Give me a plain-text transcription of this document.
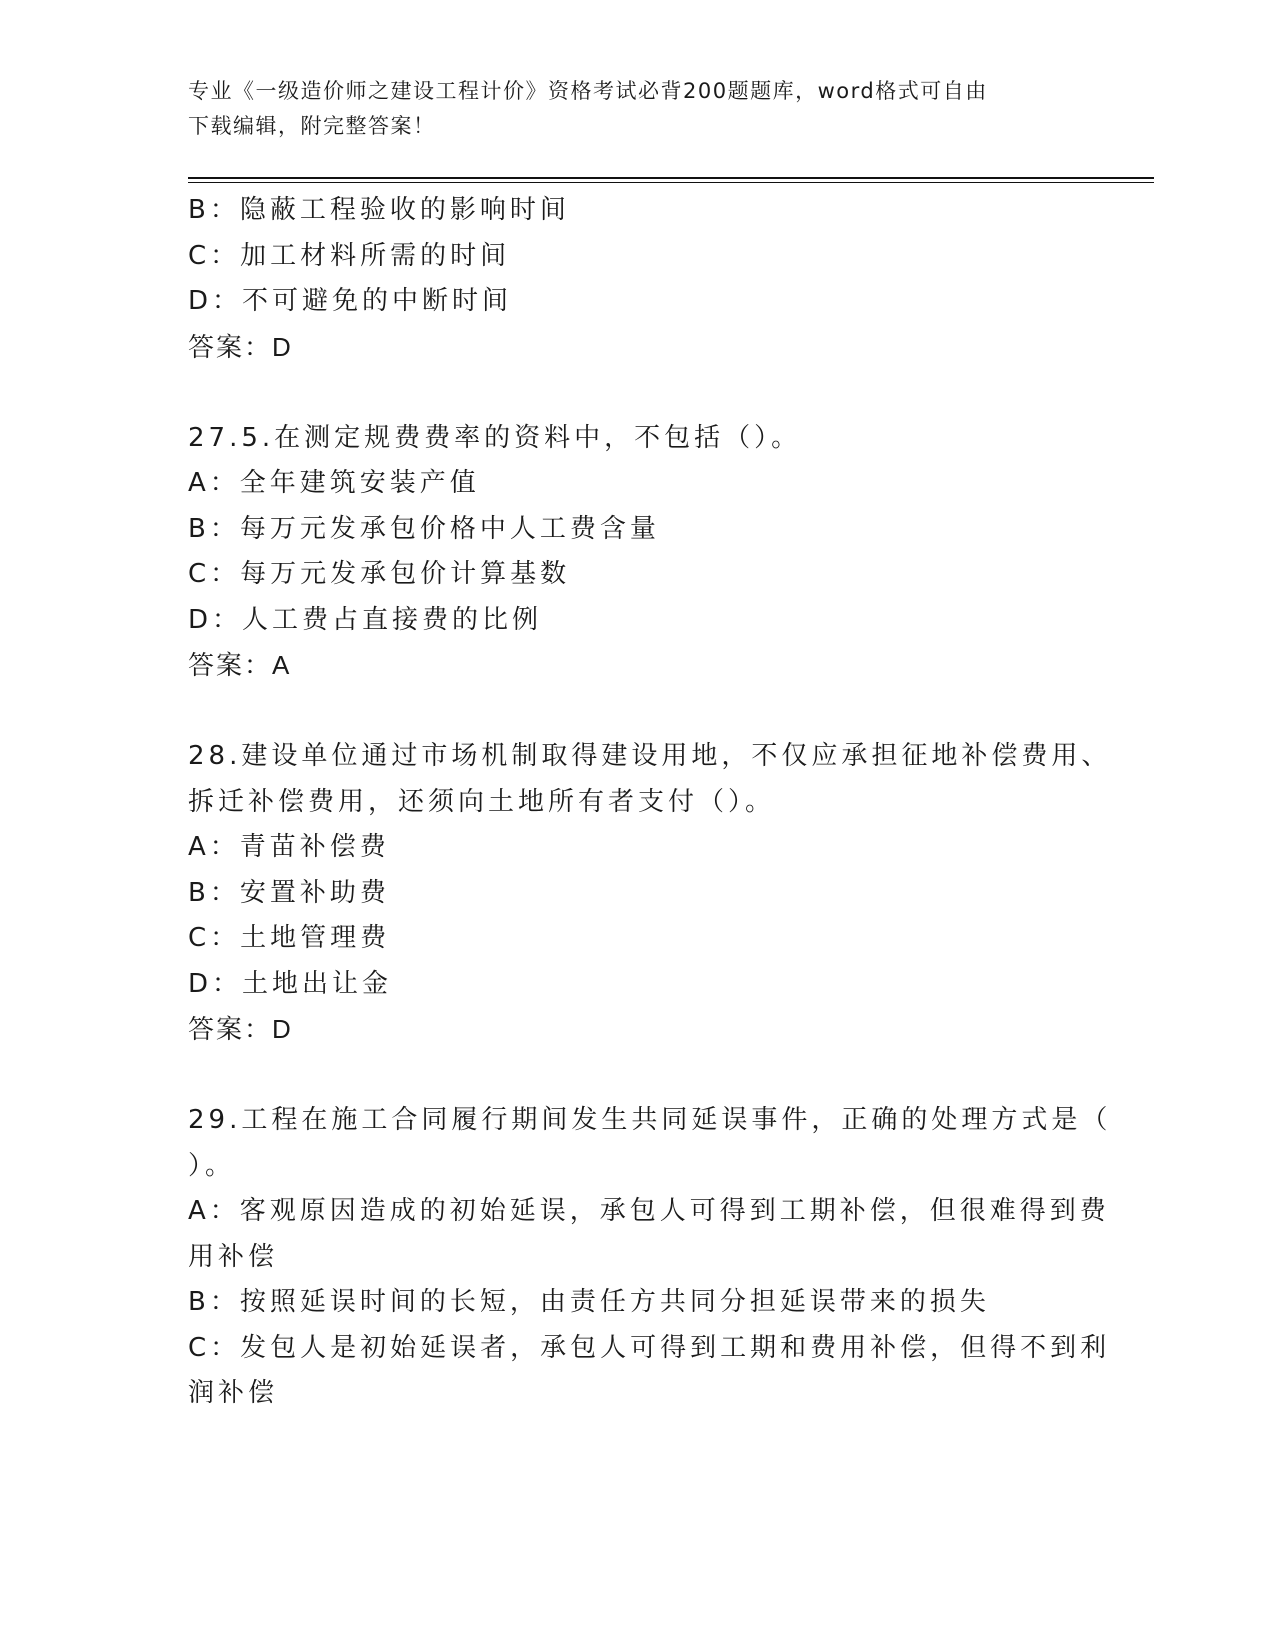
专业《一级造价师之建设工程计价》资格考试必背200题题库，word格式可自由
下载编辑，附完整答案！
B：隐蔽工程验收的影响时间
C：加工材料所需的时间
D：不可避免的中断时间
答案：D
27.5.在测定规费费率的资料中，不包括（）。
A：全年建筑安装产值
B：每万元发承包价格中人工费含量
C：每万元发承包价计算基数
D：人工费占直接费的比例
答案：A
28.建设单位通过市场机制取得建设用地，不仅应承担征地补偿费用、
拆迁补偿费用，还须向土地所有者支付（）。
A：青苗补偿费
B：安置补助费
C：土地管理费
D：土地出让金
答案：D
29.工程在施工合同履行期间发生共同延误事件，正确的处理方式是（
）。
A：客观原因造成的初始延误，承包人可得到工期补偿，但很难得到费
用补偿
B：按照延误时间的长短，由责任方共同分担延误带来的损失
C：发包人是初始延误者，承包人可得到工期和费用补偿，但得不到利
润补偿
